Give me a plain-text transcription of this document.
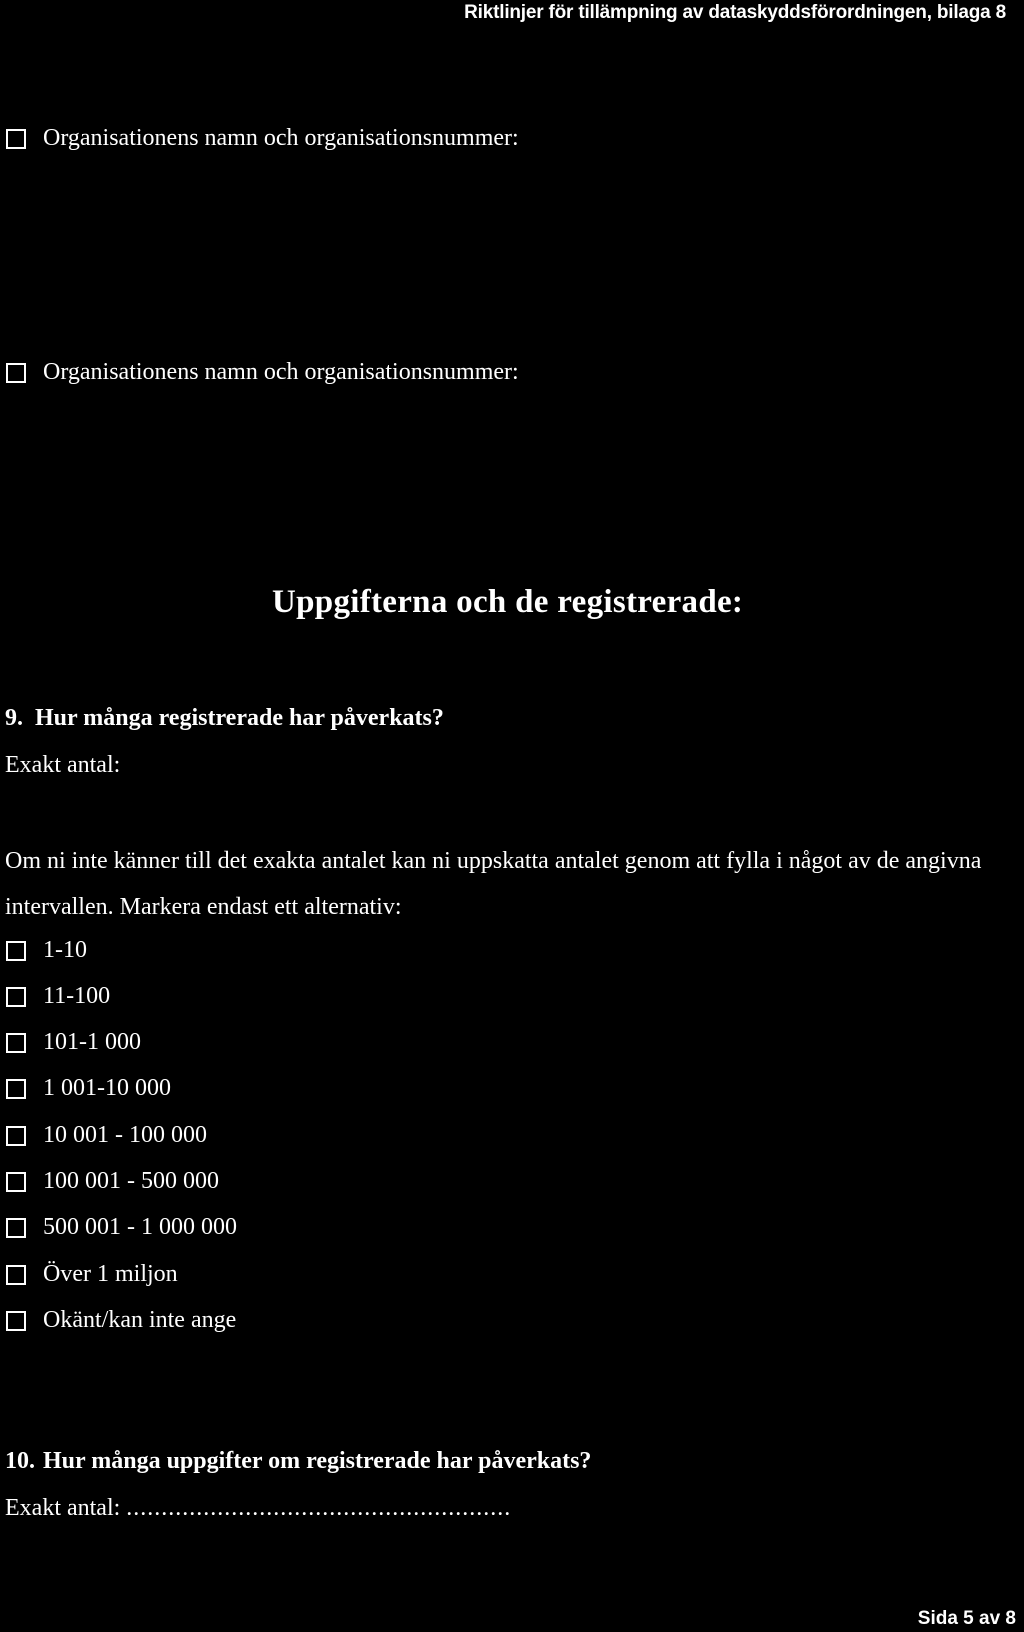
Riktlinjer för tillämpning av dataskyddsförordningen, bilaga 8
Organisationens namn och organisationsnummer:
Organisationens namn och organisationsnummer:
Uppgifterna och de registrerade:
9. Hur många registrerade har påverkats?
Exakt antal:
Om ni inte känner till det exakta antalet kan ni uppskatta antalet genom att fylla i något av de angivna intervallen. Markera endast ett alternativ:
1-10
11-100
101-1 000
1 001-10 000
10 001 - 100 000
100 001 - 500 000
500 001 - 1 000 000
Över 1 miljon
Okänt/kan inte ange
10. Hur många uppgifter om registrerade har påverkats?
Exakt antal: .......................................................
Sida 5 av 8
